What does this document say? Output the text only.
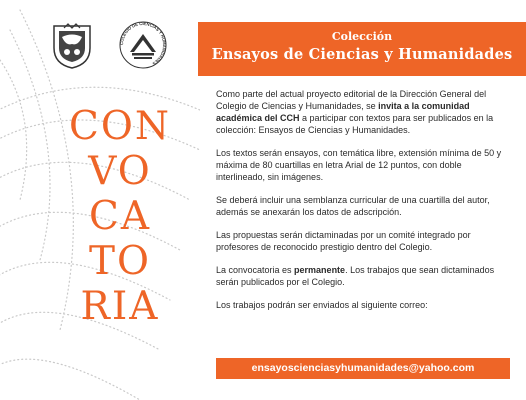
COLEGIO DE CIENCIAS Y HUMANIDADES
Colección
Ensayos de Ciencias y Humanidades
CON
VO
CA
TO
RIA

Como parte del actual proyecto editorial de la Dirección General del Colegio de Ciencias y Humanidades, se invita a la comunidad académica del CCH a participar con textos para ser publicados en la colección: Ensayos de Ciencias y Humanidades.

Los textos serán ensayos, con temática libre, extensión mínima de 50 y máxima de 80 cuartillas en letra Arial de 12 puntos, con doble interlineado, sin imágenes.

Se deberá incluir una semblanza curricular de una cuartilla del autor, además se anexarán los datos de adscripción.

Las propuestas serán dictaminadas por un comité integrado por profesores de reconocido prestigio dentro del Colegio.

La convocatoria es permanente. Los trabajos que sean dictaminados serán publicados por el Colegio.

Los trabajos podrán ser enviados al siguiente correo:

ensayoscienciasyhumanidades@yahoo.com
